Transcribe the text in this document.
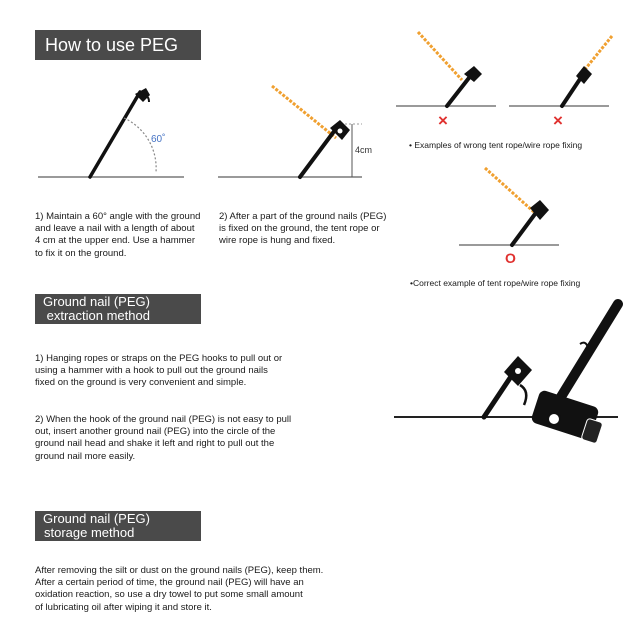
How to use PEG
Ground nail (PEG)
extraction method
Ground nail (PEG)
storage method
60˚
4cm
×	×
O
• Examples of wrong tent rope/wire rope fixing
•Correct example of tent rope/wire rope fixing
1) Maintain a 60° angle with the ground
and leave a nail with a length of about
4 cm at the upper end. Use a hammer
to fix it on the ground.
2) After a part of the ground nails (PEG)
is fixed on the ground, the tent rope or
wire rope is hung and fixed.
1) Hanging ropes or straps on the PEG hooks to pull out or
using a hammer with a hook to pull out the ground nails
fixed on the ground is very convenient and simple.
2) When the hook of the ground nail (PEG) is not easy to pull
out, insert another ground nail (PEG) into the circle of the
ground nail head and shake it left and right to pull out the
ground nail more easily.
After removing the silt or dust on the ground nails (PEG), keep them.
After a certain period of time, the ground nail (PEG) will have an
oxidation reaction, so use a dry towel to put some small amount
of lubricating oil after wiping it and store it.
